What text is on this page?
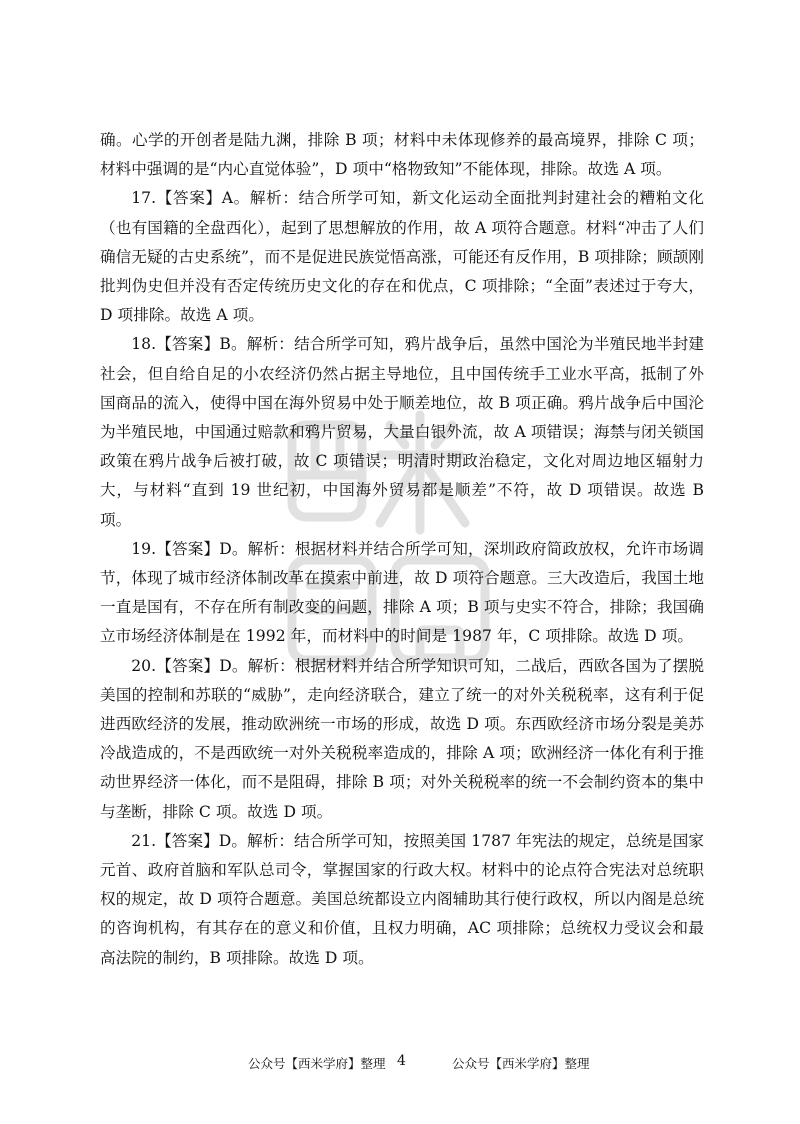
确。心学的开创者是陆九渊，排除 B 项；材料中未体现修养的最高境界，排除 C 项；材料中强调的是“内心直觉体验”，D 项中“格物致知”不能体现，排除。故选 A 项。

17.【答案】A。解析：结合所学可知，新文化运动全面批判封建社会的糟粕文化（也有国籍的全盘西化），起到了思想解放的作用，故 A 项符合题意。材料“冲击了人们确信无疑的古史系统”，而不是促进民族觉悟高涨，可能还有反作用，B 项排除；顾颉刚批判伪史但并没有否定传统历史文化的存在和优点，C 项排除；“全面”表述过于夸大，D 项排除。故选 A 项。

18.【答案】B。解析：结合所学可知，鸦片战争后，虽然中国沦为半殖民地半封建社会，但自给自足的小农经济仍然占据主导地位，且中国传统手工业水平高，抵制了外国商品的流入，使得中国在海外贸易中处于顺差地位，故 B 项正确。鸦片战争后中国沦为半殖民地，中国通过赔款和鸦片贸易，大量白银外流，故 A 项错误；海禁与闭关锁国政策在鸦片战争后被打破，故 C 项错误；明清时期政治稳定，文化对周边地区辐射力大，与材料“直到 19 世纪初，中国海外贸易都是顺差”不符，故 D 项错误。故选 B 项。

19.【答案】D。解析：根据材料并结合所学可知，深圳政府简政放权，允许市场调节，体现了城市经济体制改革在摸索中前进，故 D 项符合题意。三大改造后，我国土地一直是国有，不存在所有制改变的问题，排除 A 项；B 项与史实不符合，排除；我国确立市场经济体制是在 1992 年，而材料中的时间是 1987 年，C 项排除。故选 D 项。

20.【答案】D。解析：根据材料并结合所学知识可知，二战后，西欧各国为了摆脱美国的控制和苏联的“威胁”，走向经济联合，建立了统一的对外关税税率，这有利于促进西欧经济的发展，推动欧洲统一市场的形成，故选 D 项。东西欧经济市场分裂是美苏冷战造成的，不是西欧统一对外关税税率造成的，排除 A 项；欧洲经济一体化有利于推动世界经济一体化，而不是阻碍，排除 B 项；对外关税税率的统一不会制约资本的集中与垄断，排除 C 项。故选 D 项。

21.【答案】D。解析：结合所学可知，按照美国 1787 年宪法的规定，总统是国家元首、政府首脑和军队总司令，掌握国家的行政大权。材料中的论点符合宪法对总统职权的规定，故 D 项符合题意。美国总统都设立内阁辅助其行使行政权，所以内阁是总统的咨询机构，有其存在的意义和价值，且权力明确，AC 项排除；总统权力受议会和最高法院的制约，B 项排除。故选 D 项。

公众号【西米学府】整理 4	公众号【西米学府】整理
